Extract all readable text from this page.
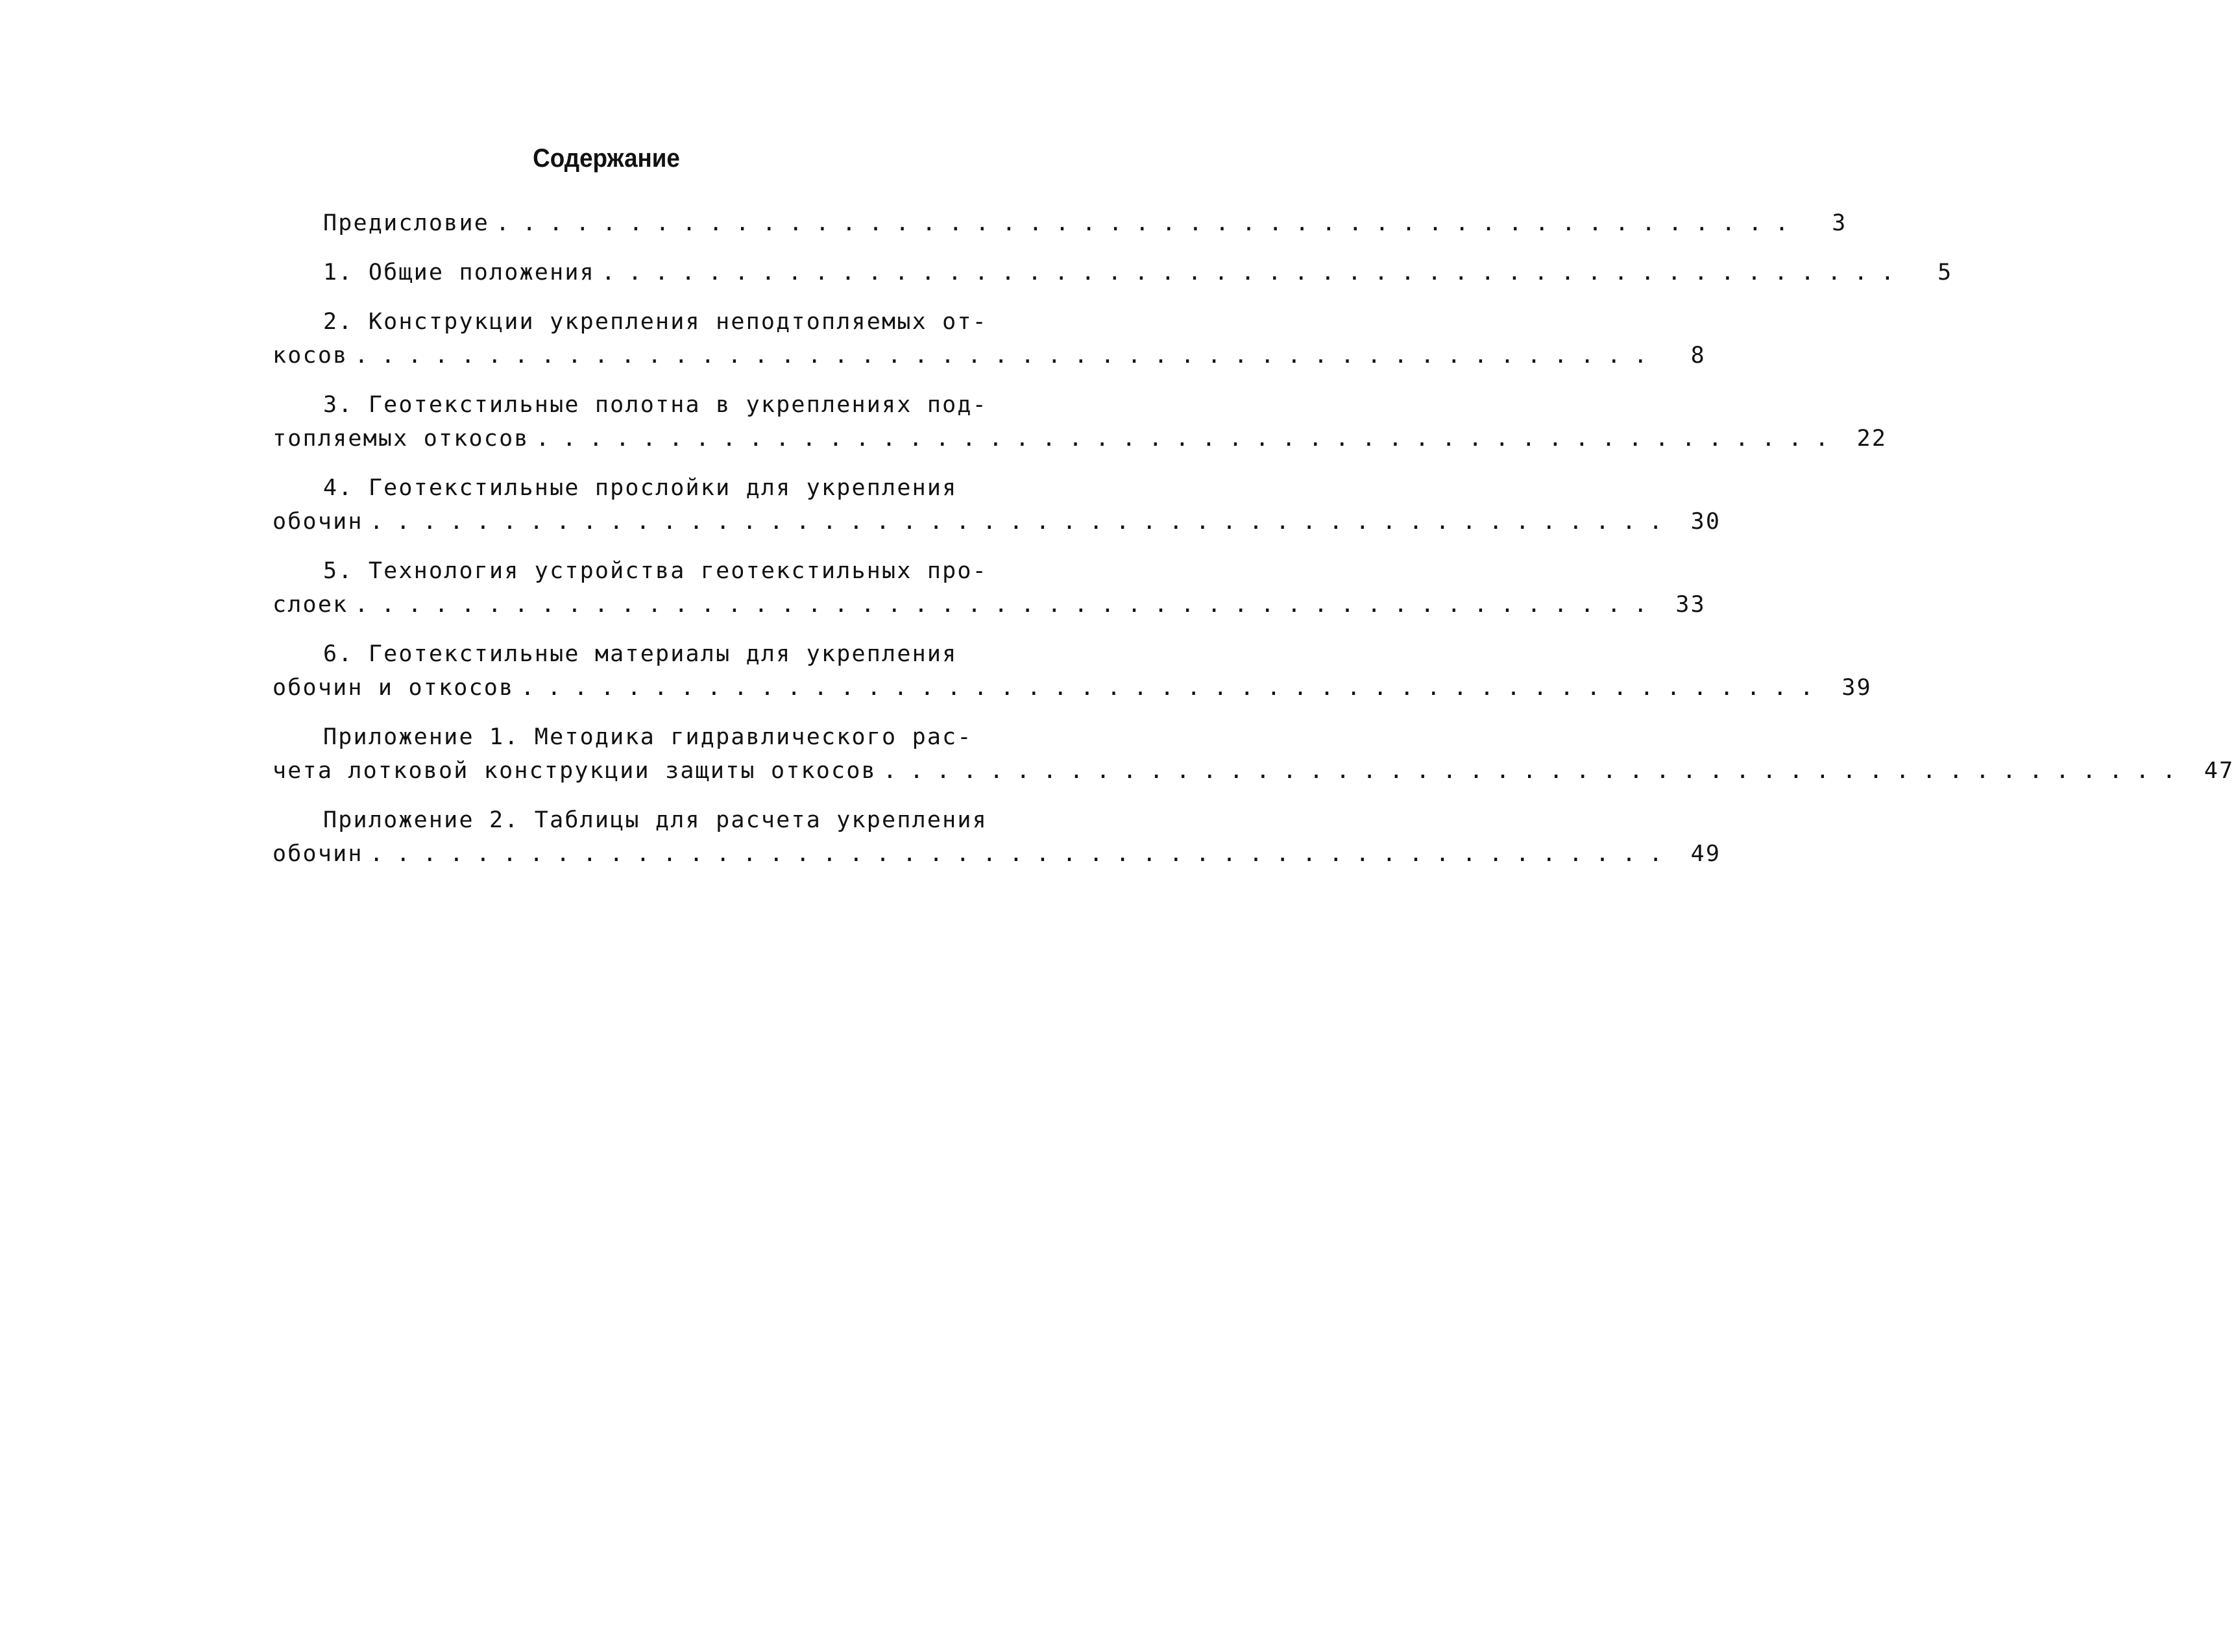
Содержание
Предисловие .................................................	3
1. Общие положения .................................................	5
2. Конструкции укрепления неподтопляемых от-
косов .................................................	8
3. Геотекстильные полотна в укреплениях под-
топляемых откосов ................................................. 22
4. Геотекстильные прослойки для укрепления
обочин ................................................. 30
5. Технология устройства геотекстильных про-
слоек ................................................. 33
6. Геотекстильные материалы для укрепления
обочин и откосов ................................................. 39
Приложение 1. Методика гидравлического рас-
чета лотковой конструкции защиты откосов ................................................. 47
Приложение 2. Таблицы для расчета укрепления
обочин ................................................. 49
